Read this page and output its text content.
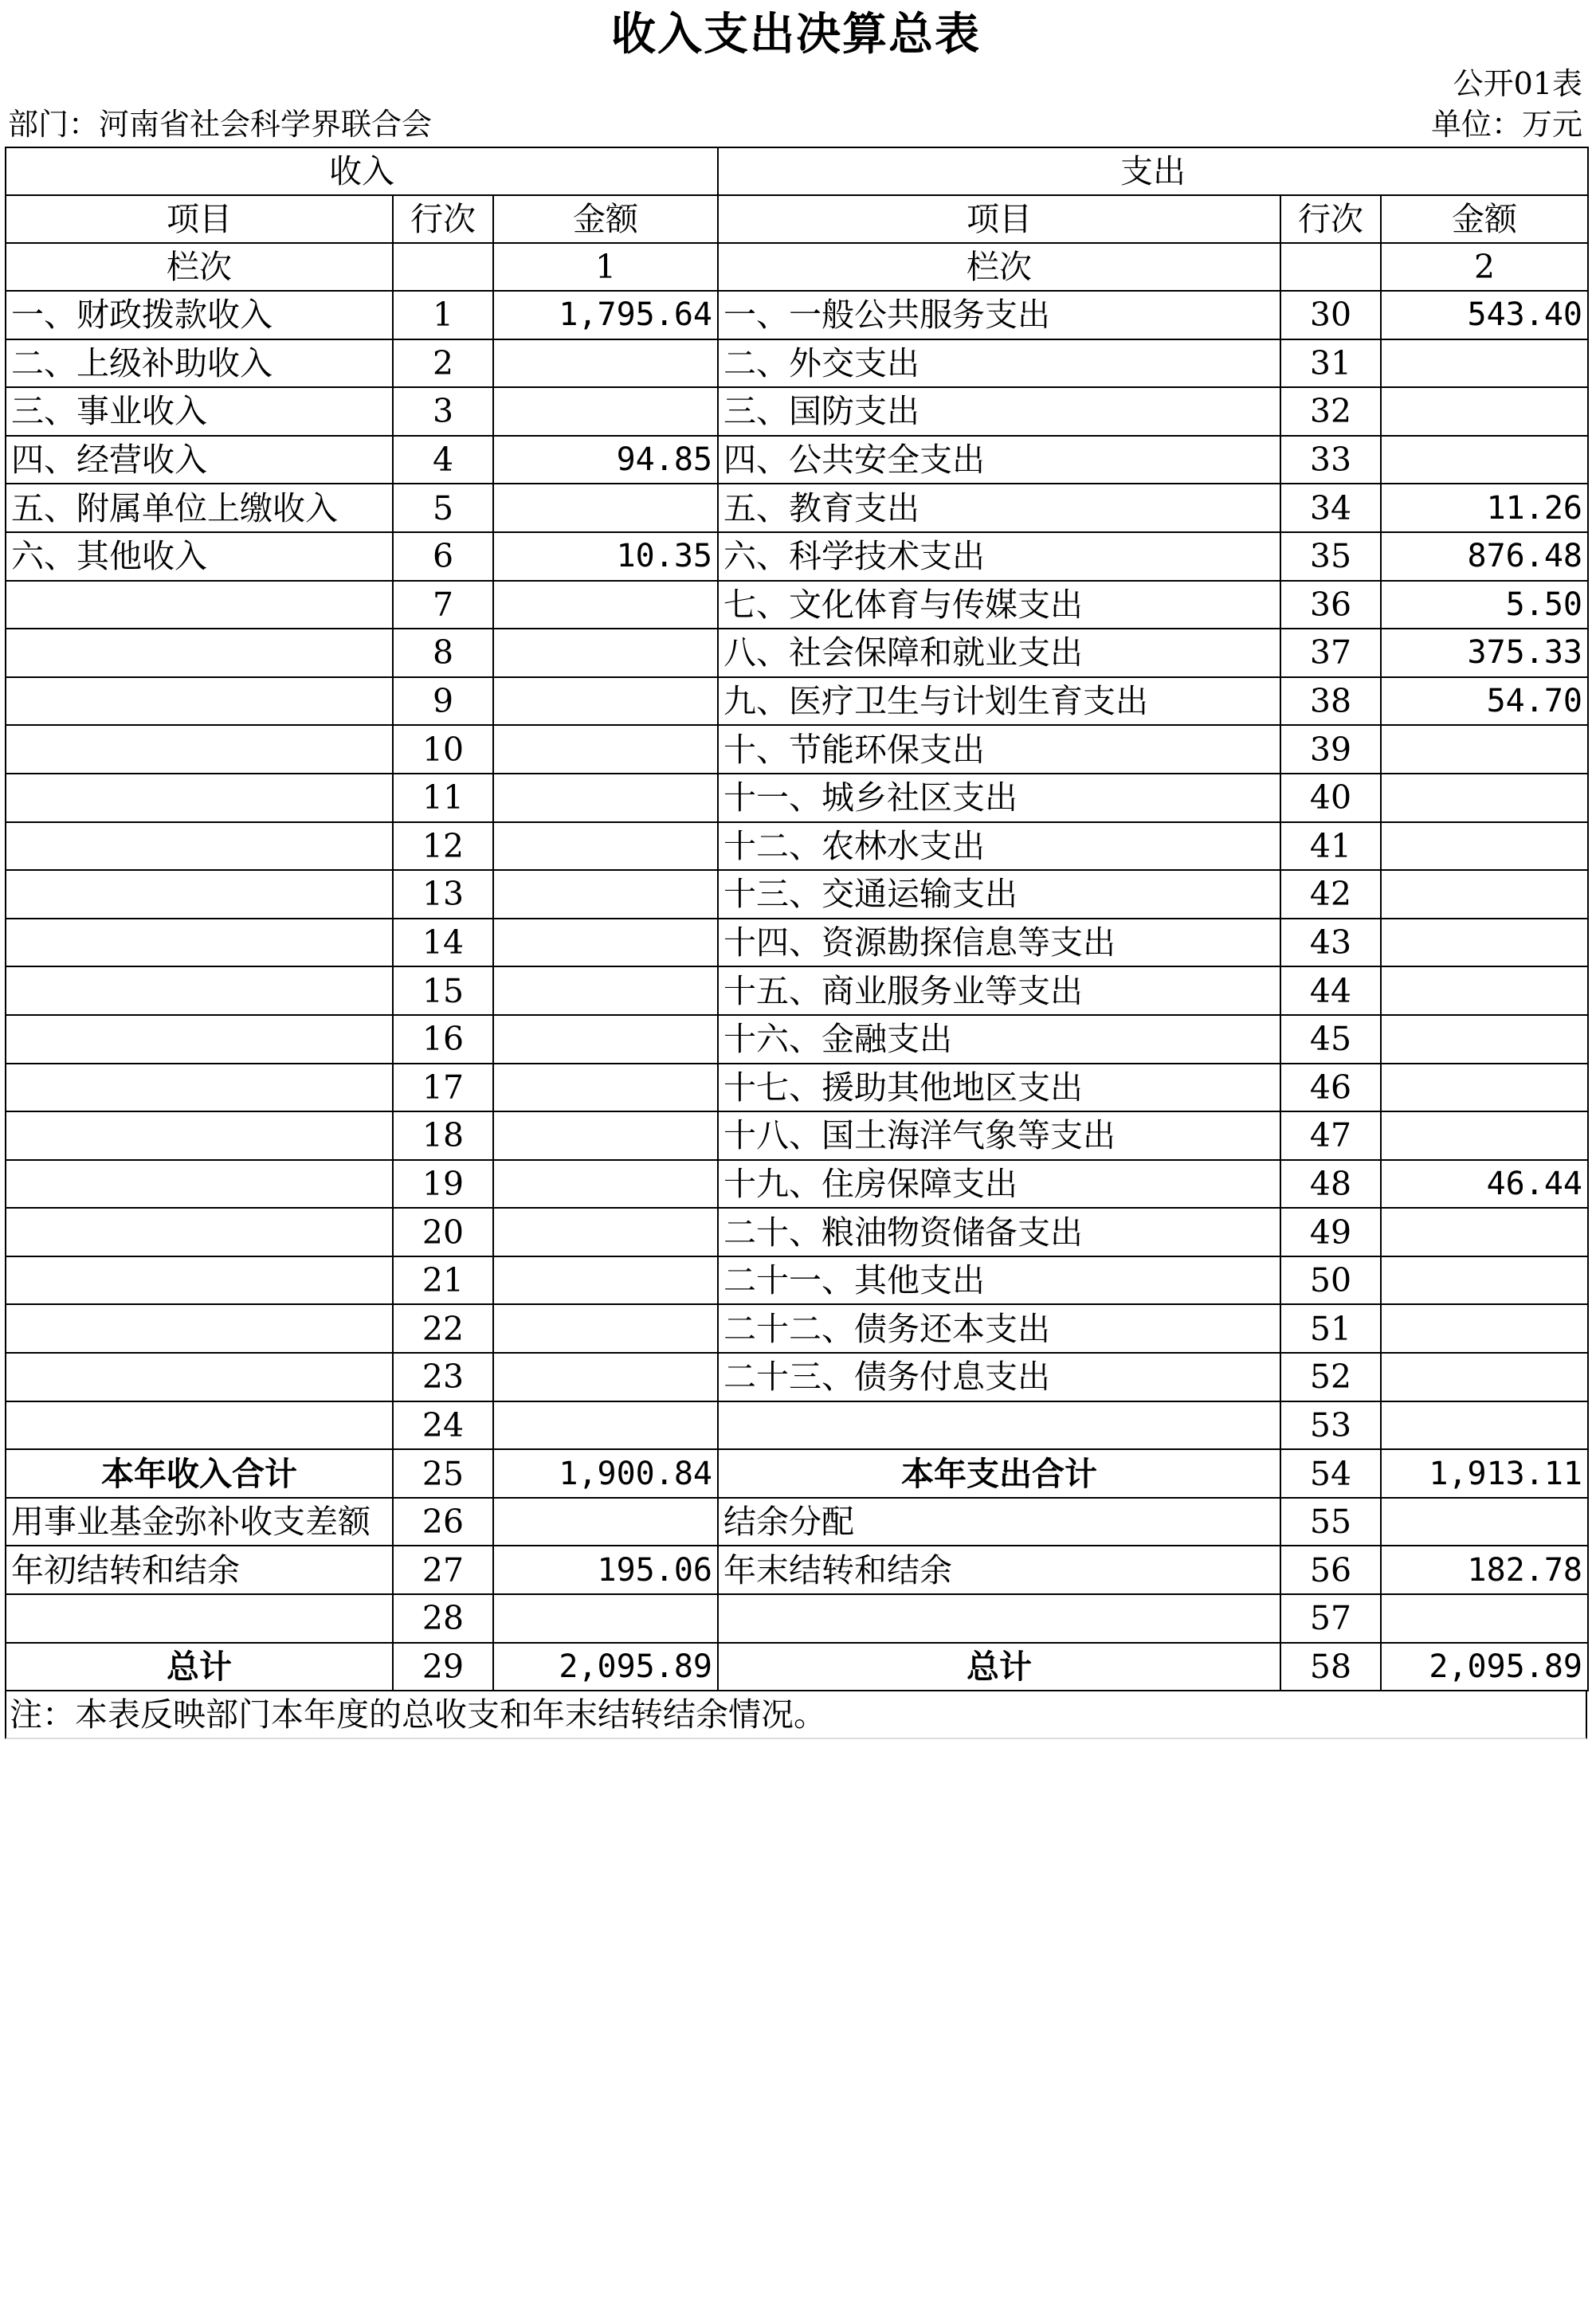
收入支出决算总表
公开01表
部门：河南省社会科学界联合会	单位：万元
收入			支出		
项目	行次	金额	项目	行次	金额
栏次		1	栏次		2
一、财政拨款收入	1	1,795.64	一、一般公共服务支出	30	543.40
二、上级补助收入	2		二、外交支出	31	
三、事业收入	3		三、国防支出	32	
四、经营收入	4	94.85	四、公共安全支出	33	
五、附属单位上缴收入	5		五、教育支出	34	11.26
六、其他收入	6	10.35	六、科学技术支出	35	876.48
	7		七、文化体育与传媒支出	36	5.50
	8		八、社会保障和就业支出	37	375.33
	9		九、医疗卫生与计划生育支出	38	54.70
	10		十、节能环保支出	39	
	11		十一、城乡社区支出	40	
	12		十二、农林水支出	41	
	13		十三、交通运输支出	42	
	14		十四、资源勘探信息等支出	43	
	15		十五、商业服务业等支出	44	
	16		十六、金融支出	45	
	17		十七、援助其他地区支出	46	
	18		十八、国土海洋气象等支出	47	
	19		十九、住房保障支出	48	46.44
	20		二十、粮油物资储备支出	49	
	21		二十一、其他支出	50	
	22		二十二、债务还本支出	51	
	23		二十三、债务付息支出	52	
	24			53	
本年收入合计	25	1,900.84	本年支出合计	54	1,913.11
用事业基金弥补收支差额	26		结余分配	55	
年初结转和结余	27	195.06	年末结转和结余	56	182.78
	28			57	
总计	29	2,095.89	总计	58	2,095.89
注：本表反映部门本年度的总收支和年末结转结余情况。
